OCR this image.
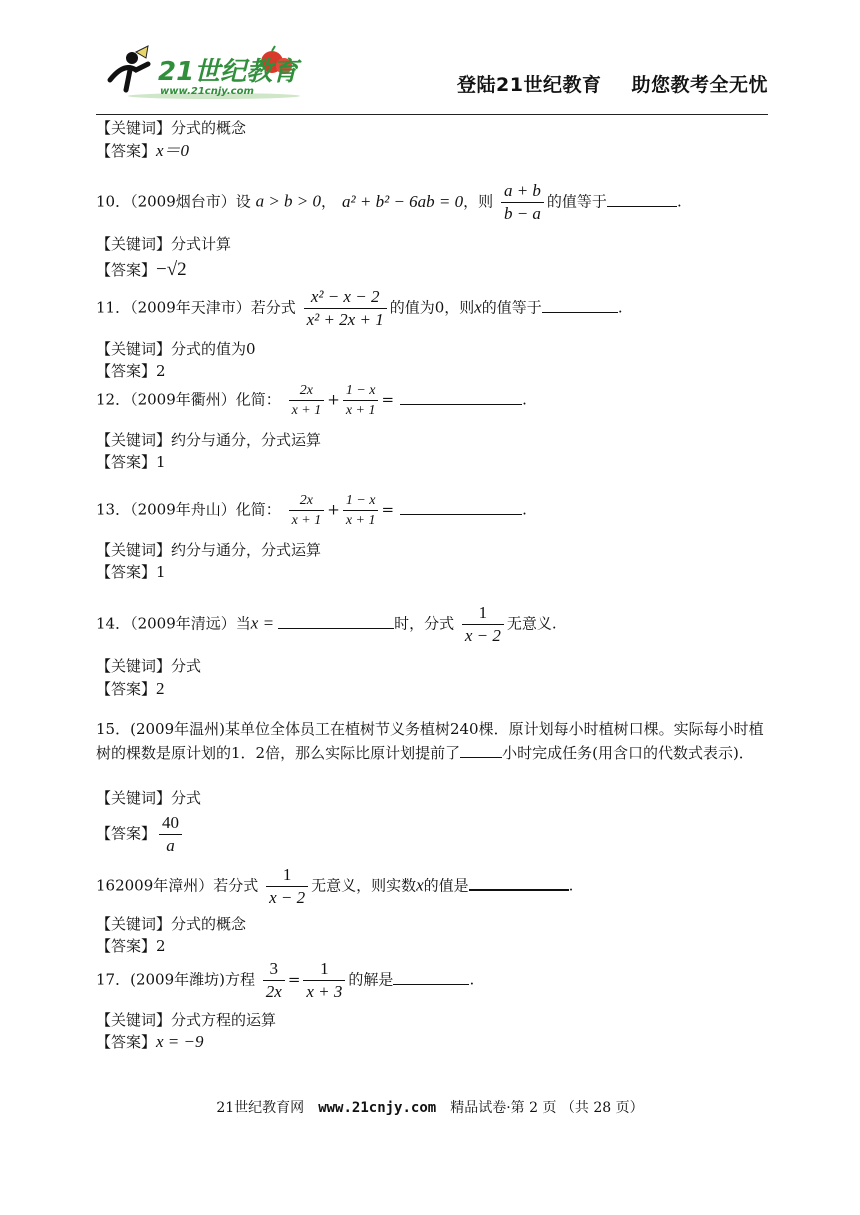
21世纪教育
www.21cnjy.com	登陆21世纪教育 助您教考全无忧
【关键词】分式的概念
【答案】x＝0
10．（2009烟台市）设 a > b > 0， a² + b² − 6ab = 0，则 $\frac{a + b}{b - a}$ 的值等于	.
【关键词】分式计算
【答案】−√2
11．（2009年天津市）若分式 $\frac{\text{x² − x − 2}}{\text{x² + 2x + 1}}$ 的值为0，则x的值等于	.
【关键词】分式的值为0
【答案】2
12．（2009年衢州）化简： $\frac{2x}{x + 1} + \frac{1 - x}{x + 1}$ =	.
【关键词】约分与通分，分式运算
【答案】1
13．（2009年舟山）化简： $\frac{2x}{x + 1} + \frac{1 - x}{x + 1}$ =	.
【关键词】约分与通分，分式运算
【答案】1
14．（2009年清远）当x =	时，分式 $\frac{1}{x - 2}$ 无意义.
【关键词】分式
【答案】2
15．(2009年温州)某单位全体员工在植树节义务植树240棵．原计划每小时植树口棵。实际每小时植树的棵数是原计划的1．2倍，那么实际比原计划提前了	小时完成任务(用含口的代数式表示)．
【关键词】分式
【答案】 $\frac{40}{a}$
162009年漳州）若分式 $\frac{1}{x - 2}$ 无意义，则实数x的值是	.
【关键词】分式的概念
【答案】2
17．(2009年潍坊)方程 $\frac{3}{2x} = \frac{1}{x + 3}$ 的解是	.
【关键词】分式方程的运算
【答案】x = −9
21世纪教育网 www.21cnjy.com 精品试卷·第 2 页 （共 28 页）
